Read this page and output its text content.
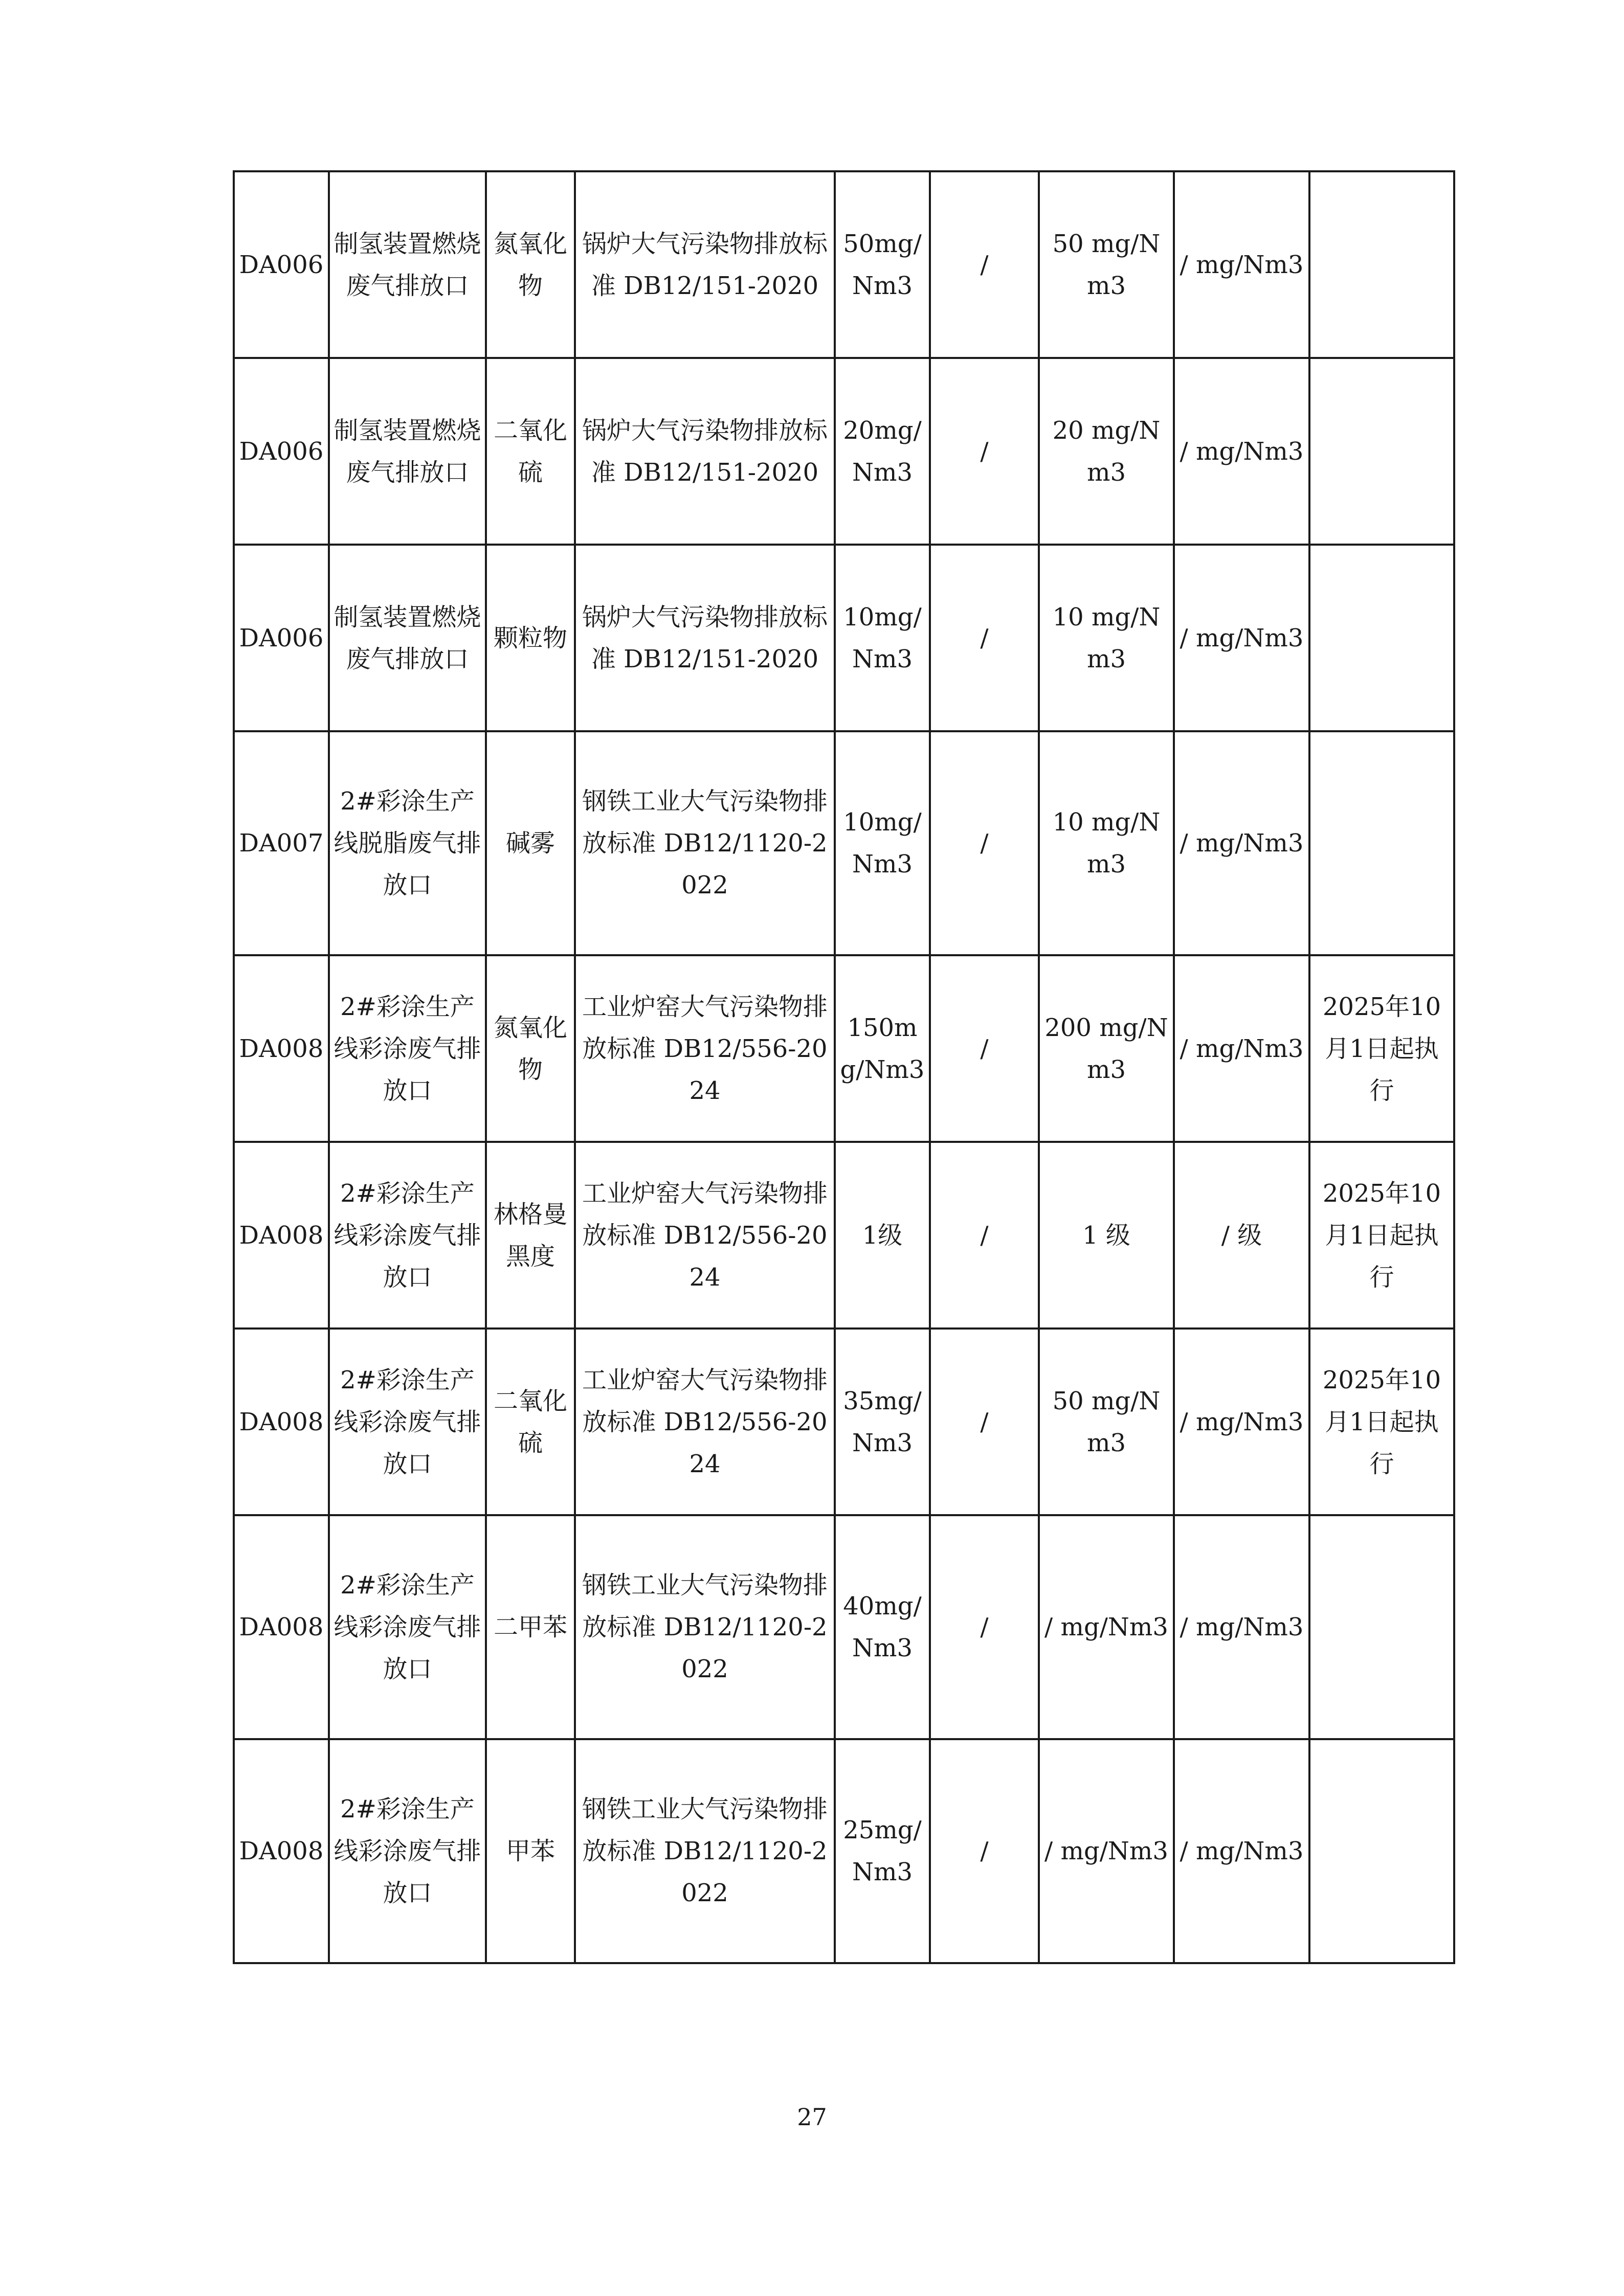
DA006	制氢装置燃烧废气排放口	氮氧化物	锅炉大气污染物排放标准 DB12/151-2020	50mg/Nm3	/	50 mg/Nm3	/ mg/Nm3	

DA006	制氢装置燃烧废气排放口	二氧化硫	锅炉大气污染物排放标准 DB12/151-2020	20mg/Nm3	/	20 mg/Nm3	/ mg/Nm3	

DA006	制氢装置燃烧废气排放口	颗粒物	锅炉大气污染物排放标准 DB12/151-2020	10mg/Nm3	/	10 mg/Nm3	/ mg/Nm3	

DA007	2#彩涂生产线脱脂废气排放口	碱雾	钢铁工业大气污染物排放标准 DB12/1120-2022	10mg/Nm3	/	10 mg/Nm3	/ mg/Nm3	

DA008	2#彩涂生产线彩涂废气排放口	氮氧化物	工业炉窑大气污染物排放标准 DB12/556-2024	150mg/Nm3	/	200 mg/Nm3	/ mg/Nm3	2025年10月1日起执行

DA008	2#彩涂生产线彩涂废气排放口	林格曼黑度	工业炉窑大气污染物排放标准 DB12/556-2024	1级	/	1 级	/ 级	2025年10月1日起执行

DA008	2#彩涂生产线彩涂废气排放口	二氧化硫	工业炉窑大气污染物排放标准 DB12/556-2024	35mg/Nm3	/	50 mg/Nm3	/ mg/Nm3	2025年10月1日起执行

DA008	2#彩涂生产线彩涂废气排放口	二甲苯	钢铁工业大气污染物排放标准 DB12/1120-2022	40mg/Nm3	/	/ mg/Nm3	/ mg/Nm3	

DA008	2#彩涂生产线彩涂废气排放口	甲苯	钢铁工业大气污染物排放标准 DB12/1120-2022	25mg/Nm3	/	/ mg/Nm3	/ mg/Nm3	

27
